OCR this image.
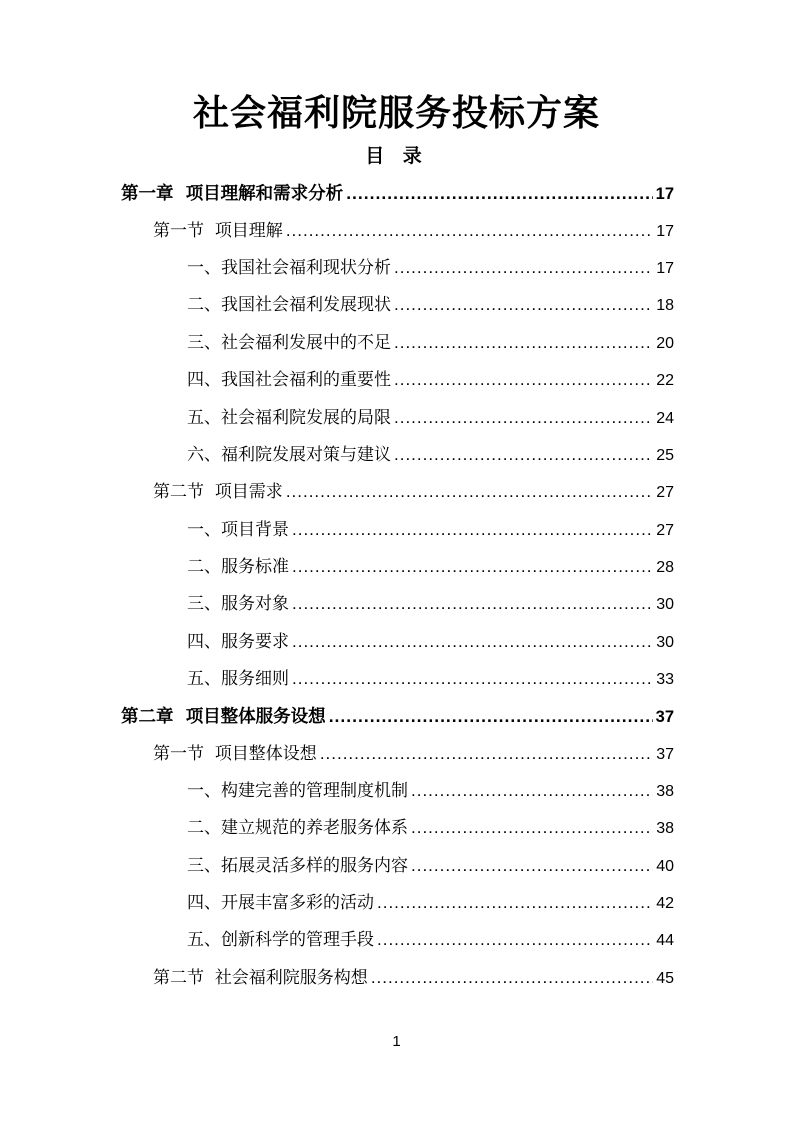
社会福利院服务投标方案
目 录
第一章 项目理解和需求分析 .....	17
第一节 项目理解 .....	17
一、 我国社会福利现状分析 .....	17
二、 我国社会福利发展现状 .....	18
三、 社会福利发展中的不足 .....	20
四、 我国社会福利的重要性 .....	22
五、 社会福利院发展的局限 .....	24
六、 福利院发展对策与建议 .....	25
第二节 项目需求 .....	27
一、 项目背景 .....	27
二、 服务标准 .....	28
三、 服务对象 .....	30
四、 服务要求 .....	30
五、 服务细则 .....	33
第二章 项目整体服务设想 .....	37
第一节 项目整体设想 .....	37
一、 构建完善的管理制度机制 .....	38
二、 建立规范的养老服务体系 .....	38
三、 拓展灵活多样的服务内容 .....	40
四、 开展丰富多彩的活动 .....	42
五、 创新科学的管理手段 .....	44
第二节 社会福利院服务构想 .....	45
1
